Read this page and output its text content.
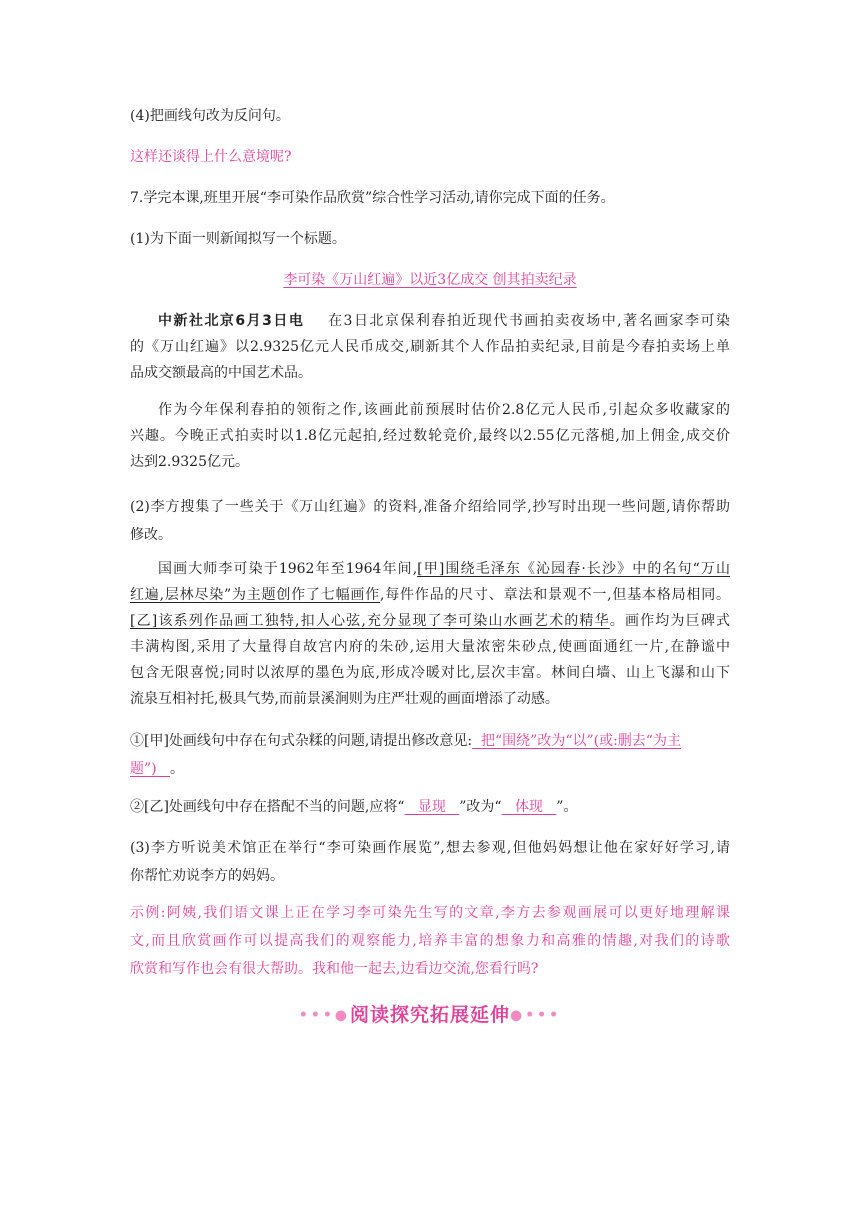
(4)把画线句改为反问句。
这样还谈得上什么意境呢?
7.学完本课,班里开展“李可染作品欣赏”综合性学习活动,请你完成下面的任务。
(1)为下面一则新闻拟写一个标题。
李可染《万山红遍》以近3亿成交 创其拍卖纪录
中新社北京6月3日电 在3日北京保利春拍近现代书画拍卖夜场中,著名画家李可染
的《万山红遍》以2.9325亿元人民币成交,刷新其个人作品拍卖纪录,目前是今春拍卖场上单
品成交额最高的中国艺术品。
作为今年保利春拍的领衔之作,该画此前预展时估价2.8亿元人民币,引起众多收藏家的
兴趣。今晚正式拍卖时以1.8亿元起拍,经过数轮竞价,最终以2.55亿元落槌,加上佣金,成交价
达到2.9325亿元。
(2)李方搜集了一些关于《万山红遍》的资料,准备介绍给同学,抄写时出现一些问题,请你帮助
修改。
国画大师李可染于1962年至1964年间,[甲]围绕毛泽东《沁园春·长沙》中的名句“万山
红遍,层林尽染”为主题创作了七幅画作,每件作品的尺寸、章法和景观不一,但基本格局相同。
[乙]该系列作品画工独特,扣人心弦,充分显现了李可染山水画艺术的精华。画作均为巨碑式
丰满构图,采用了大量得自故宫内府的朱砂,运用大量浓密朱砂点,使画面通红一片,在静谧中
包含无限喜悦;同时以浓厚的墨色为底,形成冷暖对比,层次丰富。林间白墙、山上飞瀑和山下
流泉互相衬托,极具气势,而前景溪涧则为庄严壮观的画面增添了动感。
①[甲]处画线句中存在句式杂糅的问题,请提出修改意见: 把“围绕”改为“以”(或:删去“为主
题”) 。
②[乙]处画线句中存在搭配不当的问题,应将“ 显现 ”改为“ 体现 ”。
(3)李方听说美术馆正在举行“李可染画作展览”,想去参观,但他妈妈想让他在家好好学习,请
你帮忙劝说李方的妈妈。
示例:阿姨,我们语文课上正在学习李可染先生写的文章,李方去参观画展可以更好地理解课
文,而且欣赏画作可以提高我们的观察能力,培养丰富的想象力和高雅的情趣,对我们的诗歌
欣赏和写作也会有很大帮助。我和他一起去,边看边交流,您看行吗?
•••●阅读探究拓展延伸●•••
